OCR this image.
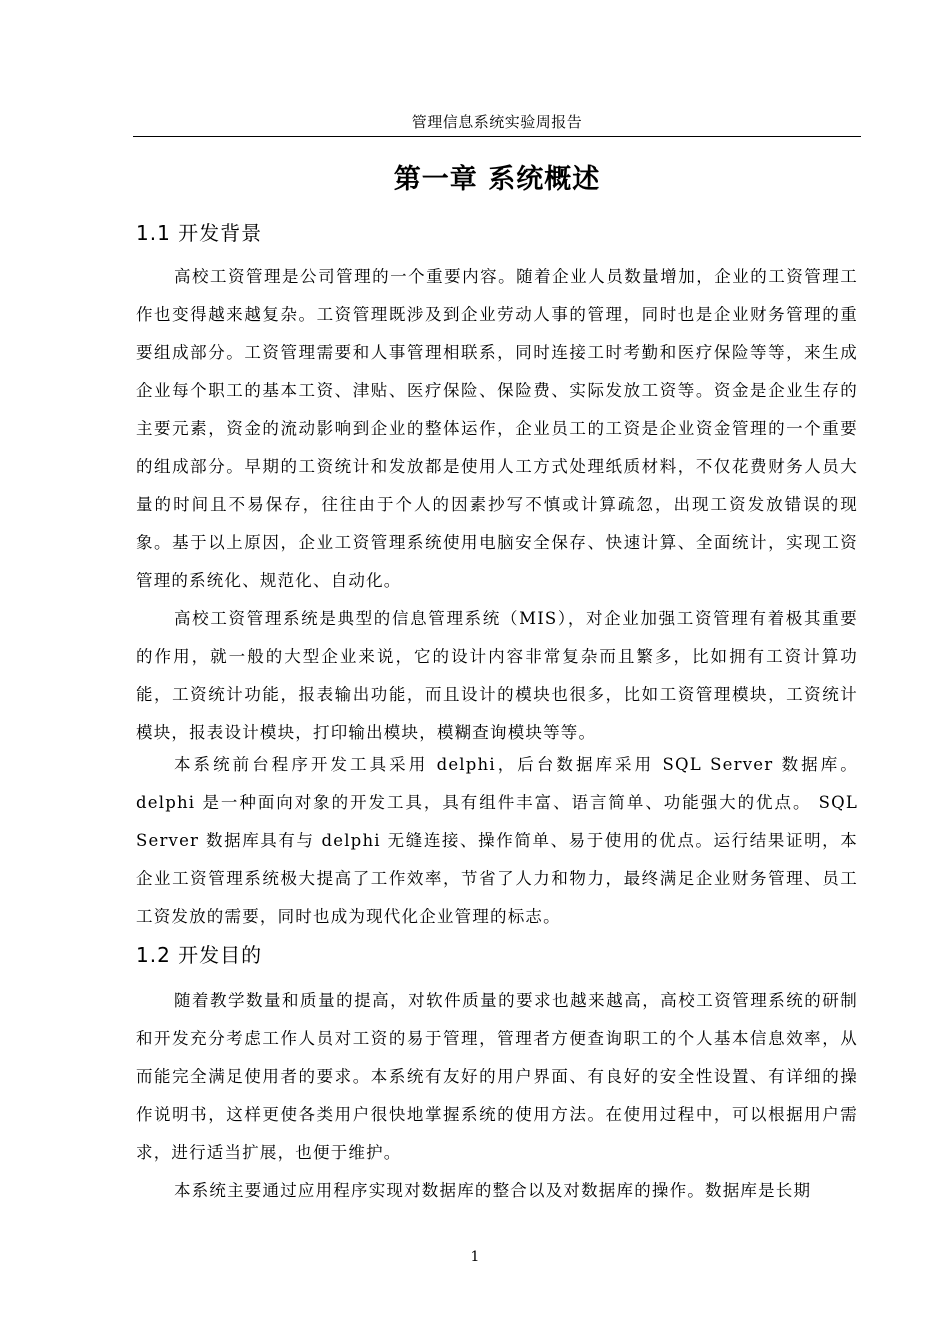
管理信息系统实验周报告
第一章 系统概述
1.1 开发背景

高校工资管理是公司管理的一个重要内容。随着企业人员数量增加，企业的工资管理工作也变得越来越复杂。工资管理既涉及到企业劳动人事的管理，同时也是企业财务管理的重要组成部分。工资管理需要和人事管理相联系，同时连接工时考勤和医疗保险等等，来生成企业每个职工的基本工资、津贴、医疗保险、保险费、实际发放工资等。资金是企业生存的主要元素，资金的流动影响到企业的整体运作，企业员工的工资是企业资金管理的一个重要的组成部分。早期的工资统计和发放都是使用人工方式处理纸质材料，不仅花费财务人员大量的时间且不易保存，往往由于个人的因素抄写不慎或计算疏忽，出现工资发放错误的现象。基于以上原因，企业工资管理系统使用电脑安全保存、快速计算、全面统计，实现工资管理的系统化、规范化、自动化。

高校工资管理系统是典型的信息管理系统（MIS），对企业加强工资管理有着极其重要的作用，就一般的大型企业来说，它的设计内容非常复杂而且繁多，比如拥有工资计算功能，工资统计功能，报表输出功能，而且设计的模块也很多，比如工资管理模块，工资统计模块，报表设计模块，打印输出模块，模糊查询模块等等。

本系统前台程序开发工具采用 delphi，后台数据库采用 SQL Server 数据库。delphi 是一种面向对象的开发工具，具有组件丰富、语言简单、功能强大的优点。 SQL Server 数据库具有与 delphi 无缝连接、操作简单、易于使用的优点。运行结果证明，本企业工资管理系统极大提高了工作效率，节省了人力和物力，最终满足企业财务管理、员工工资发放的需要，同时也成为现代化企业管理的标志。

1.2 开发目的

随着教学数量和质量的提高，对软件质量的要求也越来越高，高校工资管理系统的研制和开发充分考虑工作人员对工资的易于管理，管理者方便查询职工的个人基本信息效率，从而能完全满足使用者的要求。本系统有友好的用户界面、有良好的安全性设置、有详细的操作说明书，这样更使各类用户很快地掌握系统的使用方法。在使用过程中，可以根据用户需求，进行适当扩展，也便于维护。

本系统主要通过应用程序实现对数据库的整合以及对数据库的操作。数据库是长期

1
